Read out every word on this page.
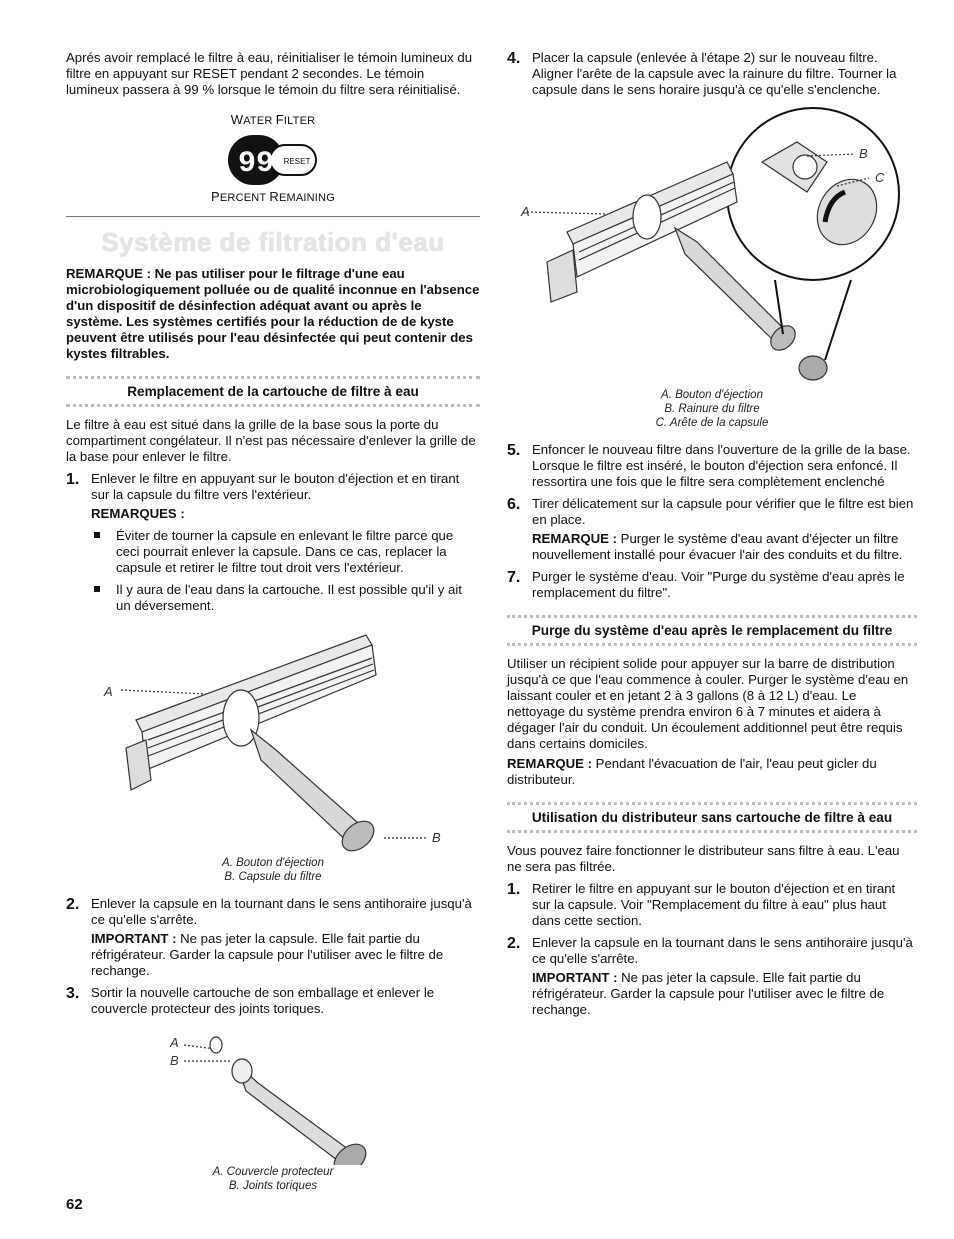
Aprés avoir remplacé le filtre à eau, réinitialiser le témoin lumineux du filtre en appuyant sur RESET pendant 2 secondes. Le témoin lumineux passera à 99 % lorsque le témoin du filtre sera réinitialisé.

WATER FILTER

99 RESET

PERCENT REMAINING

Système de filtration d'eau

REMARQUE : Ne pas utiliser pour le filtrage d'une eau microbiologiquement polluée ou de qualité inconnue en l'absence d'un dispositif de désinfection adéquat avant ou après le système. Les systèmes certifiés pour la réduction de de kyste peuvent être utilisés pour l'eau désinfectée qui peut contenir des kystes filtrables.

Remplacement de la cartouche de filtre à eau

Le filtre à eau est situé dans la grille de la base sous la porte du compartiment congélateur. Il n'est pas nécessaire d'enlever la grille de la base pour enlever le filtre.

1. Enlever le filtre en appuyant sur le bouton d'éjection et en tirant sur la capsule du filtre vers l'extérieur.

REMARQUES :

Éviter de tourner la capsule en enlevant le filtre parce que ceci pourrait enlever la capsule. Dans ce cas, replacer la capsule et retirer le filtre tout droit vers l'extérieur.

Il y aura de l'eau dans la cartouche. Il est possible qu'il y ait un déversement.

A
B

A. Bouton d'éjection

B. Capsule du filtre

2. Enlever la capsule en la tournant dans le sens antihoraire jusqu'à ce qu'elle s'arrête.

IMPORTANT : Ne pas jeter la capsule. Elle fait partie du réfrigérateur. Garder la capsule pour l'utiliser avec le filtre de rechange.

3. Sortir la nouvelle cartouche de son emballage et enlever le couvercle protecteur des joints toriques.

A
B

A. Couvercle protecteur

B. Joints toriques

4. Placer la capsule (enlevée à l'étape 2) sur le nouveau filtre. Aligner l'arête de la capsule avec la rainure du filtre. Tourner la capsule dans le sens horaire jusqu'à ce qu'elle s'enclenche.

A
B
C

A. Bouton d'éjection

B. Rainure du filtre

C. Arête de la capsule

5. Enfoncer le nouveau filtre dans l'ouverture de la grille de la base. Lorsque le filtre est inséré, le bouton d'éjection sera enfoncé. Il ressortira une fois que le filtre sera complètement enclenché

6. Tirer délicatement sur la capsule pour vérifier que le filtre est bien en place.

REMARQUE : Purger le système d'eau avant d'éjecter un filtre nouvellement installé pour évacuer l'air des conduits et du filtre.

7. Purger le système d'eau. Voir "Purge du système d'eau après le remplacement du filtre".

Purge du système d'eau après le remplacement du filtre

Utiliser un récipient solide pour appuyer sur la barre de distribution jusqu'à ce que l'eau commence à couler. Purger le système d'eau en laissant couler et en jetant 2 à 3 gallons (8 à 12 L) d'eau. Le nettoyage du système prendra environ 6 à 7 minutes et aidera à dégager l'air du conduit. Un écoulement additionnel peut être requis dans certains domiciles.

REMARQUE : Pendant l'évacuation de l'air, l'eau peut gicler du distributeur.

Utilisation du distributeur sans cartouche de filtre à eau

Vous pouvez faire fonctionner le distributeur sans filtre à eau. L'eau ne sera pas filtrée.

1. Retirer le filtre en appuyant sur le bouton d'éjection et en tirant sur la capsule. Voir "Remplacement du filtre à eau" plus haut dans cette section.

2. Enlever la capsule en la tournant dans le sens antihoraire jusqu'à ce qu'elle s'arrête.

IMPORTANT : Ne pas jeter la capsule. Elle fait partie du réfrigérateur. Garder la capsule pour l'utiliser avec le filtre de rechange.

62
